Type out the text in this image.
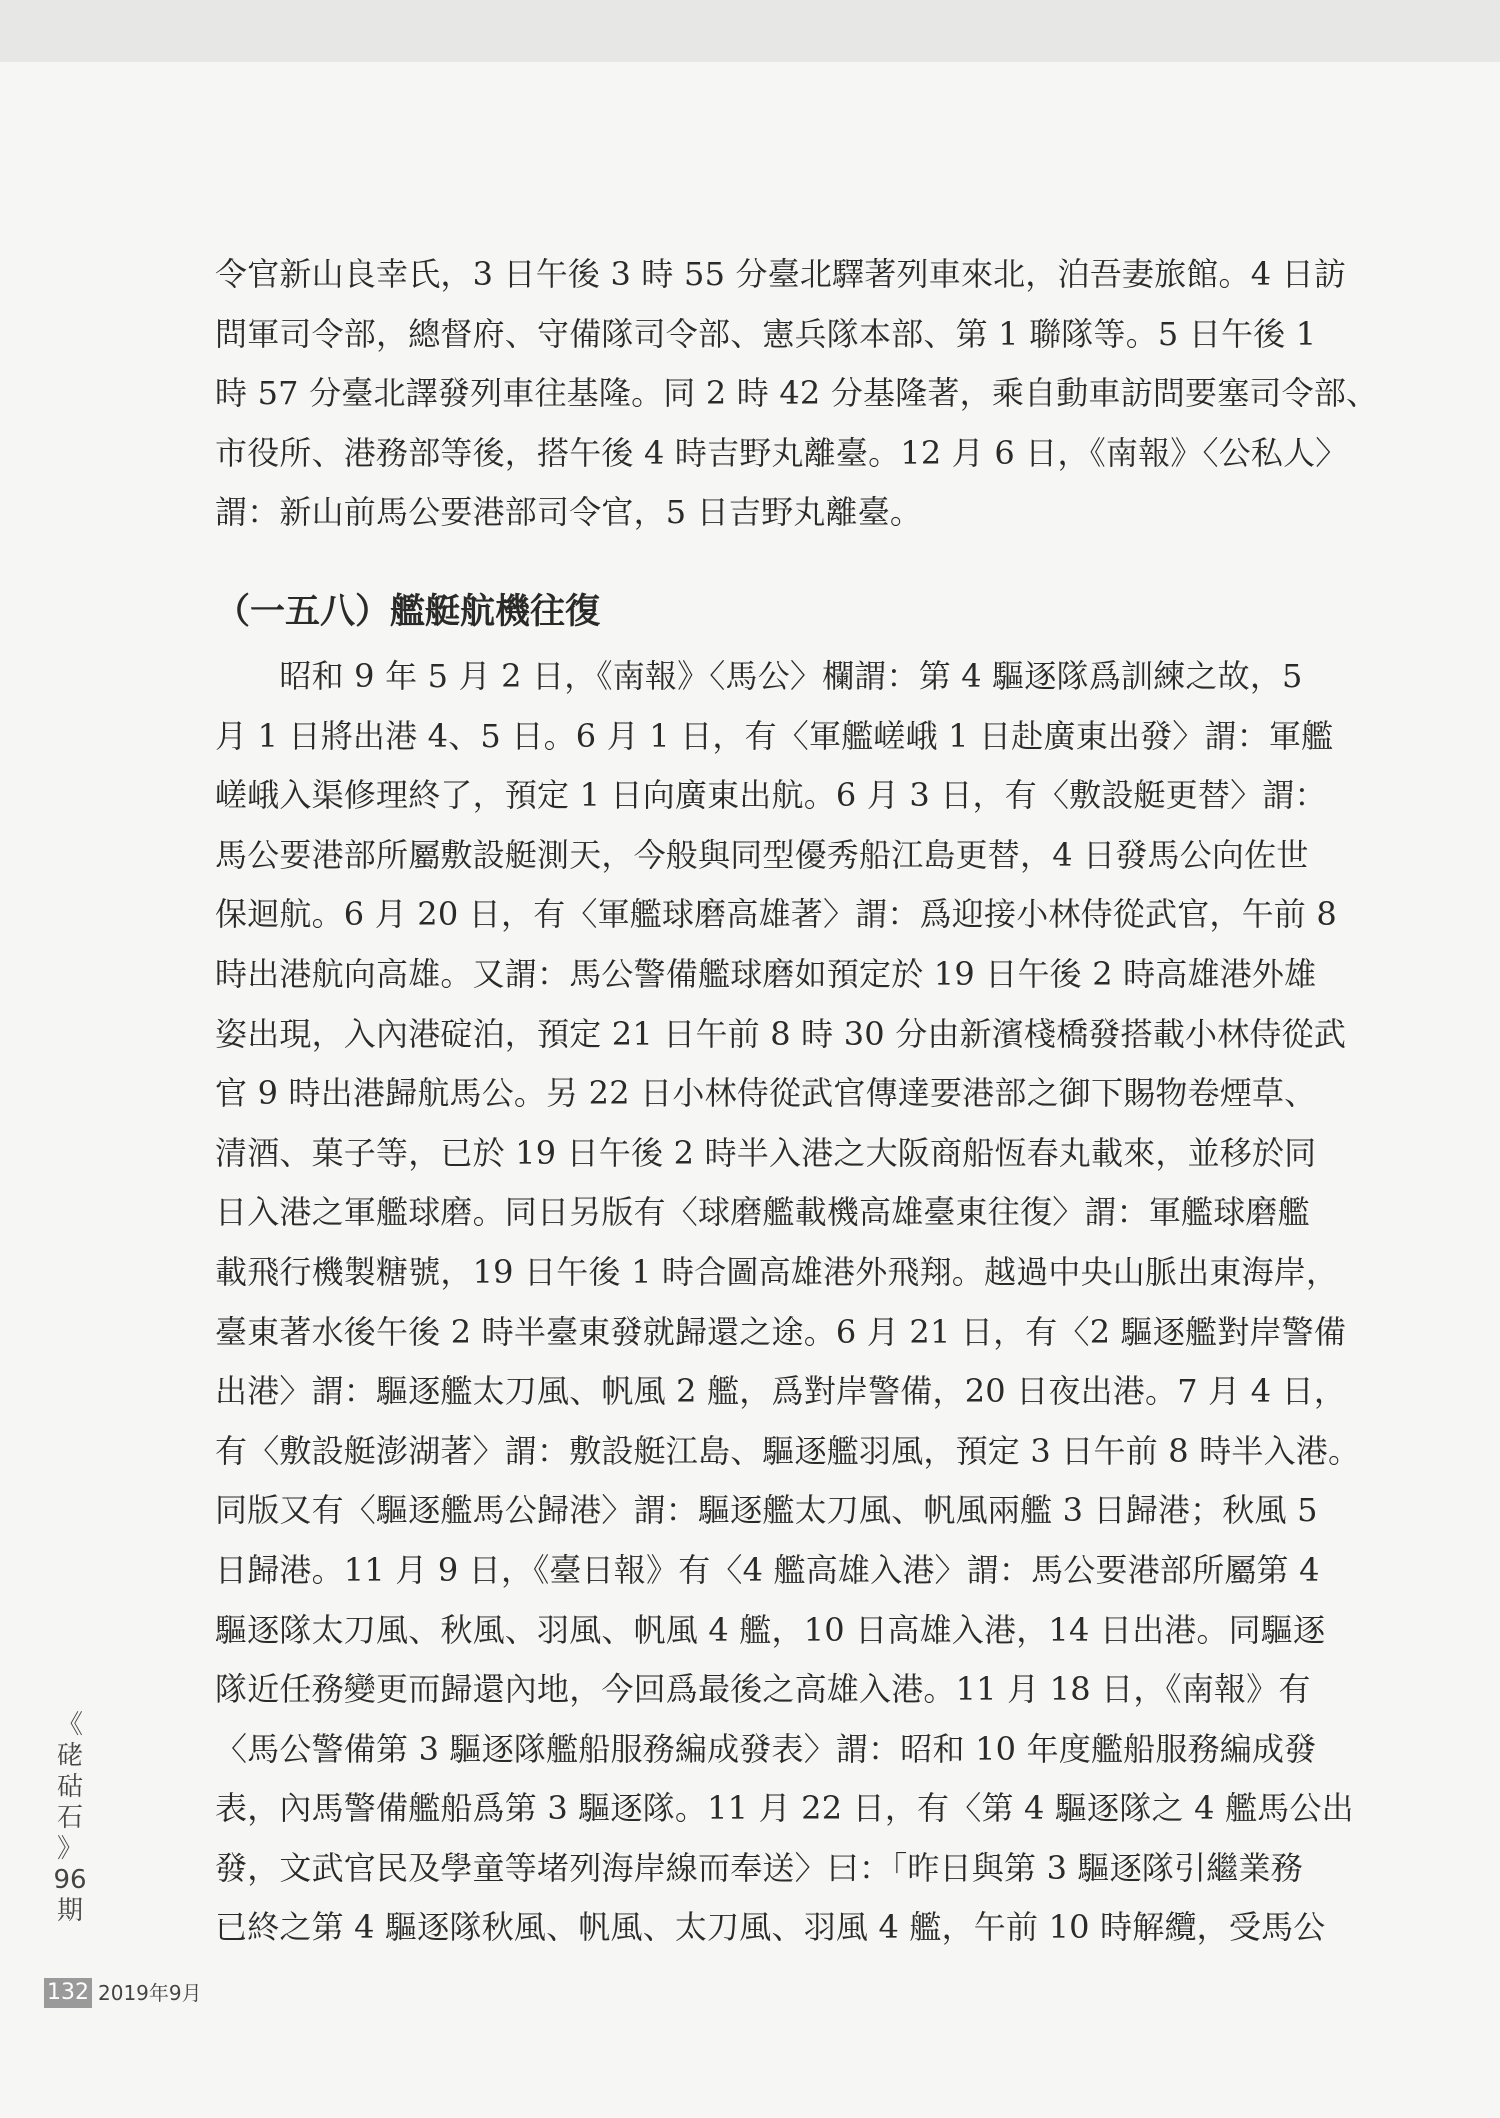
令官新山良幸氏，3 日午後 3 時 55 分臺北驛著列車來北，泊吾妻旅館。4 日訪
問軍司令部，總督府、守備隊司令部、憲兵隊本部、第 1 聯隊等。5 日午後 1
時 57 分臺北譯發列車往基隆。同 2 時 42 分基隆著，乘自動車訪問要塞司令部、
市役所、港務部等後，搭午後 4 時吉野丸離臺。12 月 6 日，《南報》〈公私人〉
謂：新山前馬公要港部司令官，5 日吉野丸離臺。
（一五八）艦艇航機往復
　　昭和 9 年 5 月 2 日，《南報》〈馬公〉欄謂：第 4 驅逐隊爲訓練之故，5
月 1 日將出港 4、5 日。6 月 1 日，有〈軍艦嵯峨 1 日赴廣東出發〉謂：軍艦
嵯峨入渠修理終了，預定 1 日向廣東出航。6 月 3 日，有〈敷設艇更替〉謂：
馬公要港部所屬敷設艇測天，今般與同型優秀船江島更替，4 日發馬公向佐世
保迴航。6 月 20 日，有〈軍艦球磨高雄著〉謂：爲迎接小林侍從武官，午前 8
時出港航向高雄。又謂：馬公警備艦球磨如預定於 19 日午後 2 時高雄港外雄
姿出現，入內港碇泊，預定 21 日午前 8 時 30 分由新濱棧橋發搭載小林侍從武
官 9 時出港歸航馬公。另 22 日小林侍從武官傳達要港部之御下賜物卷煙草、
清酒、菓子等，已於 19 日午後 2 時半入港之大阪商船恆春丸載來，並移於同
日入港之軍艦球磨。同日另版有〈球磨艦載機高雄臺東往復〉謂：軍艦球磨艦
載飛行機製糖號，19 日午後 1 時合圖高雄港外飛翔。越過中央山脈出東海岸，
臺東著水後午後 2 時半臺東發就歸還之途。6 月 21 日，有〈2 驅逐艦對岸警備
出港〉謂：驅逐艦太刀風、帆風 2 艦，爲對岸警備，20 日夜出港。7 月 4 日，
有〈敷設艇澎湖著〉謂：敷設艇江島、驅逐艦羽風，預定 3 日午前 8 時半入港。
同版又有〈驅逐艦馬公歸港〉謂：驅逐艦太刀風、帆風兩艦 3 日歸港；秋風 5
日歸港。11 月 9 日，《臺日報》有〈4 艦高雄入港〉謂：馬公要港部所屬第 4
驅逐隊太刀風、秋風、羽風、帆風 4 艦，10 日高雄入港，14 日出港。同驅逐
隊近任務變更而歸還內地，今回爲最後之高雄入港。11 月 18 日，《南報》有
〈馬公警備第 3 驅逐隊艦船服務編成發表〉謂：昭和 10 年度艦船服務編成發
表，內馬警備艦船爲第 3 驅逐隊。11 月 22 日，有〈第 4 驅逐隊之 4 艦馬公出
發，文武官民及學童等堵列海岸線而奉送〉曰：「昨日與第 3 驅逐隊引繼業務
已終之第 4 驅逐隊秋風、帆風、太刀風、羽風 4 艦，午前 10 時解纜，受馬公
《
硓
𥑮
石
》
96
期
132 2019年9月
